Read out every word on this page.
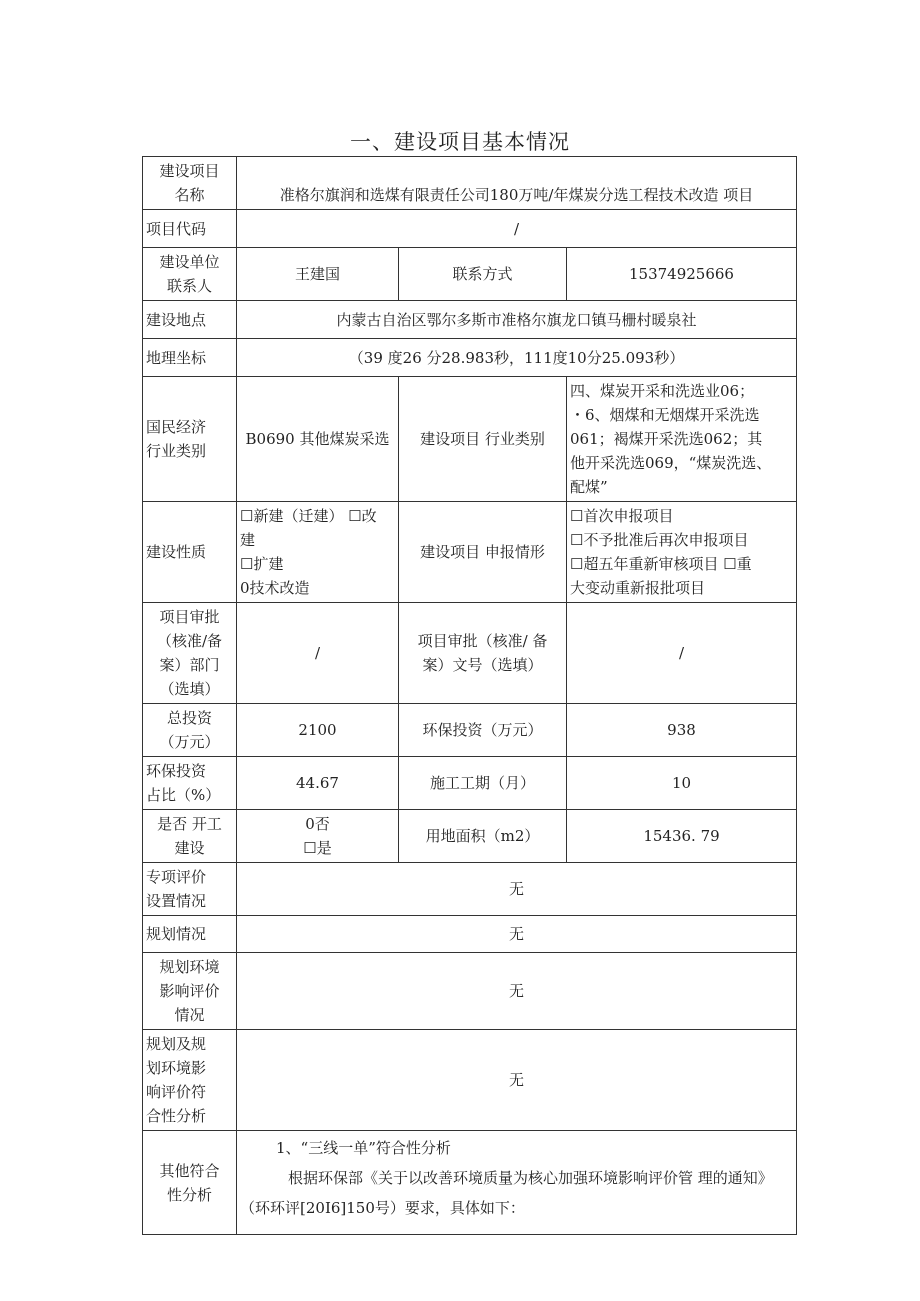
一、建设项目基本情况
建设项目
名称	准格尔旗润和选煤有限责任公司180万吨/年煤炭分选工程技术改造 项目		
项目代码	/		

建设单位
联系人	王建国	联系方式	15374925666
建设地点	内蒙古自治区鄂尔多斯市准格尔旗龙口镇马栅村暖泉社		
地理坐标	（39 度26 分28.983秒，111度10分25.093秒）		

国民经济
行业类别	B0690 其他煤炭采选	建设项目 行业类别	四、煤炭开采和洗选业06；
・6、烟煤和无烟煤开采洗选
061；褐煤开采洗选062；其
他开采洗选069，“煤炭洗选、
配煤”

建设性质	☐新建（迁建） ☐改
建
☐扩建
0技术改造	建设项目 申报情形	☐首次申报项目
☐不予批准后再次申报项目
☐超五年重新审核项目 ☐重
大变动重新报批项目

项目审批
（核准/备
案）部门
（选填）	/	项目审批（核准/ 备
案）文号（选填）	/

总投资
（万元）	2100	环保投资（万元）	938

环保投资
占比（%）	44.67	施工工期（月）	10

是否 开工
建设	0否
☐是	用地面积（m2）	15436. 79

专项评价
设置情况	无		
规划情况	无		

规划环境
影响评价
情况	无		

规划及规
划环境影
响评价符
合性分析	无		

其他符合
性分析	1、“三线一单”符合性分析
根据环保部《关于以改善环境质量为核心加强环境影响评价管 理的通知》（环环评[20I6]150号）要求，具体如下：		
